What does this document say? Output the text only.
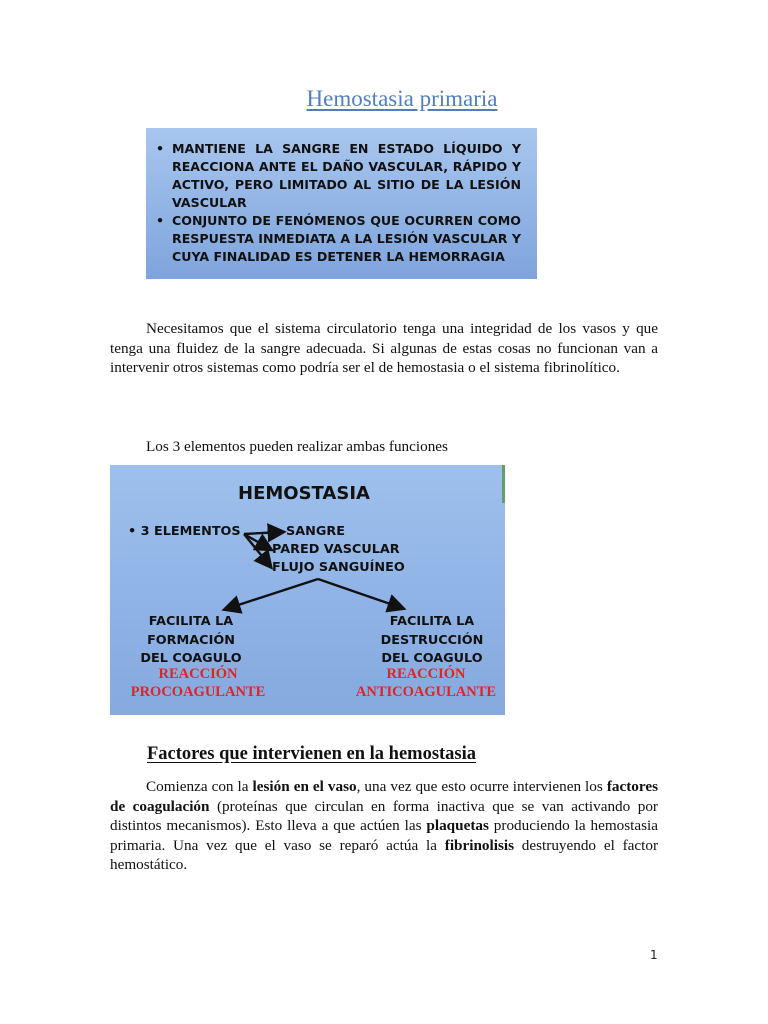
Hemostasia primaria
• MANTIENE LA SANGRE EN ESTADO LÍQUIDO Y REACCIONA ANTE EL DAÑO VASCULAR, RÁPIDO Y ACTIVO, PERO LIMITADO AL SITIO DE LA LESIÓN VASCULAR
• CONJUNTO DE FENÓMENOS QUE OCURREN COMO RESPUESTA INMEDIATA A LA LESIÓN VASCULAR Y CUYA FINALIDAD ES DETENER LA HEMORRAGIA
Necesitamos que el sistema circulatorio tenga una integridad de los vasos y que tenga una fluidez de la sangre adecuada. Si algunas de estas cosas no funcionan van a intervenir otros sistemas como podría ser el de hemostasia o el sistema fibrinolítico.
Los 3 elementos pueden realizar ambas funciones
HEMOSTASIA
• 3 ELEMENTOS	SANGRE
PARED VASCULAR
FLUJO SANGUÍNEO
FACILITA LA
FORMACIÓN
DEL COAGULO
REACCIÓN
PROCOAGULANTE
FACILITA LA
DESTRUCCIÓN
DEL COAGULO
REACCIÓN
ANTICOAGULANTE
Factores que intervienen en la hemostasia
Comienza con la lesión en el vaso, una vez que esto ocurre intervienen los factores de coagulación (proteínas que circulan en forma inactiva que se van activando por distintos mecanismos). Esto lleva a que actúen las plaquetas produciendo la hemostasia primaria. Una vez que el vaso se reparó actúa la fibrinolisis destruyendo el factor hemostático.
1
